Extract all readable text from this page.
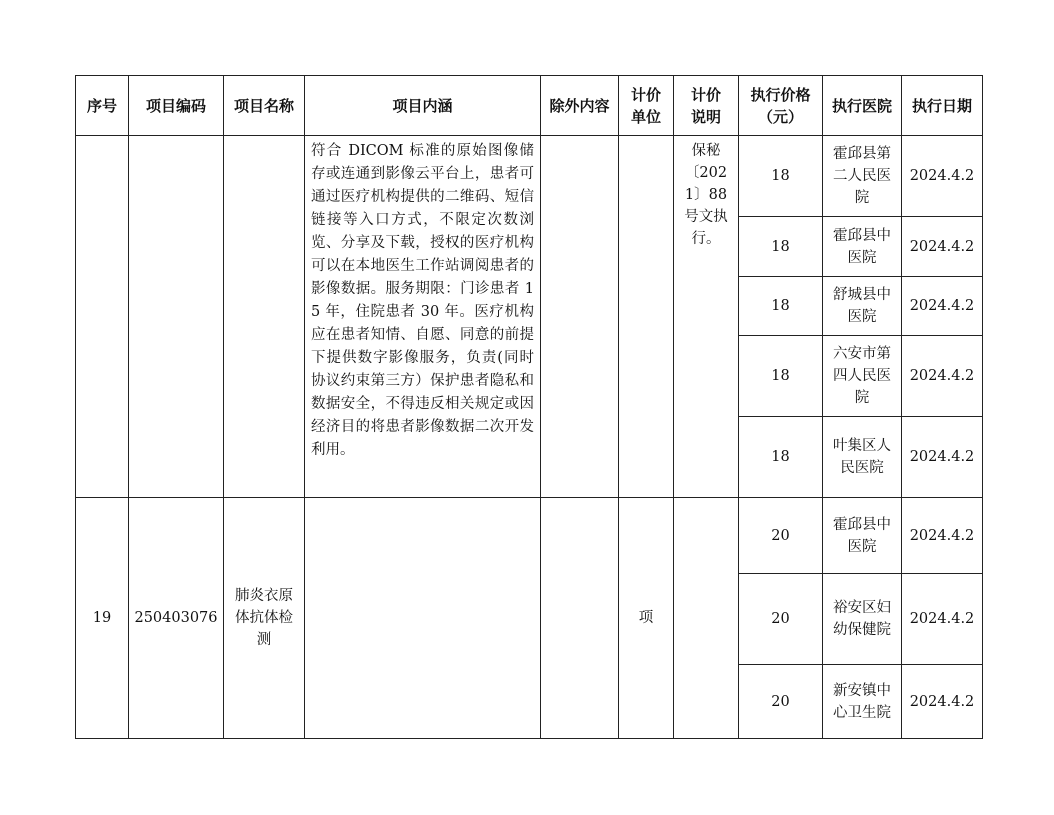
序号	项目编码	项目名称	项目内涵	除外内容	计价单位	计价说明	执行价格（元）	执行医院	执行日期
			符合 DICOM 标准的原始图像储存或连通到影像云平台上，患者可通过医疗机构提供的二维码、短信链接等入口方式，不限定次数浏览、分享及下载，授权的医疗机构可以在本地医生工作站调阅患者的影像数据。服务期限：门诊患者 15 年，住院患者 30 年。医疗机构应在患者知情、自愿、同意的前提下提供数字影像服务，负责(同时协议约束第三方）保护患者隐私和数据安全，不得违反相关规定或因经济目的将患者影像数据二次开发利用。			保秘〔2021〕88号文执行。	18	霍邱县第二人民医院	2024.4.2
							18	霍邱县中医院	2024.4.2
							18	舒城县中医院	2024.4.2
							18	六安市第四人民医院	2024.4.2
							18	叶集区人民医院	2024.4.2
19	250403076	肺炎衣原体抗体检测			项		20	霍邱县中医院	2024.4.2
							20	裕安区妇幼保健院	2024.4.2
							20	新安镇中心卫生院	2024.4.2
